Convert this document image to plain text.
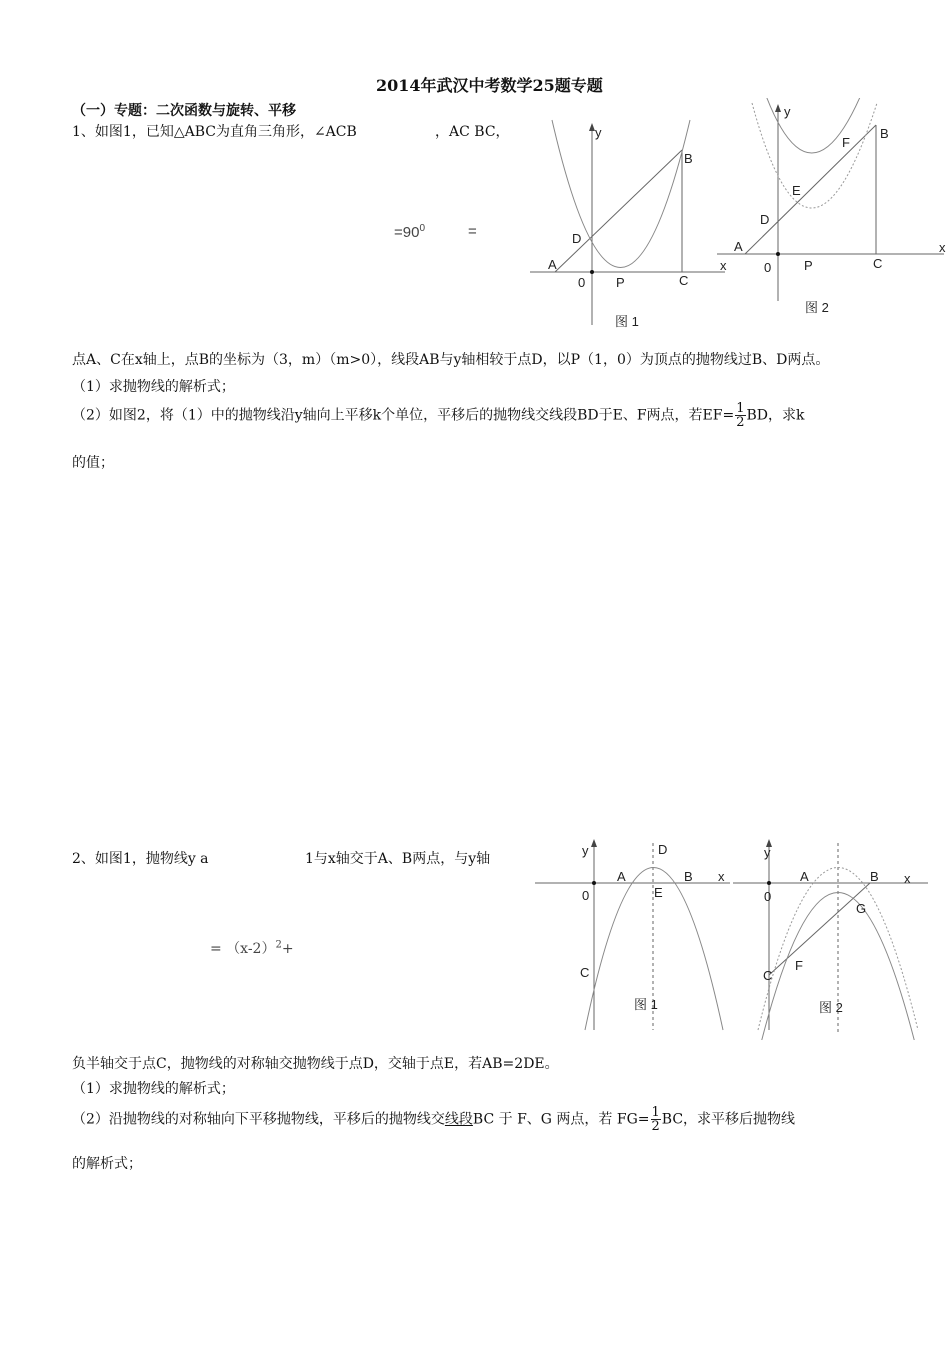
2014年武汉中考数学25题专题
（一）专题：二次函数与旋转、平移
1、如图1，已知△ABC为直角三角形，∠ACB	，AC BC，
$=90^0$	=
x
y
B
D
A
C
0 P
图 1
x
y
B
F
E
D
A
C
0	P
图 2
点A、C在x轴上，点B的坐标为（3，m）（m>0），线段AB与y轴相较于点D，以P（1，0）为顶点的抛物线过B、D两点。
（1）求抛物线的解析式；
（2）如图2，将（1）中的抛物线沿y轴向上平移k个单位，平移后的抛物线交线段BD于E、F两点，若$EF= \frac{1}{2}$ BD，求k
的值；
2、如图1，抛物线y a	1与x轴交于A、B两点，与y轴
= $(x-2)^2+$
x
y	D
A	B
E
0
C
图 1
x
y
A	B
G
F
C
0
图 2
负半轴交于点C，抛物线的对称轴交抛物线于点D，交轴于点E，若AB=2DE。
（1）求抛物线的解析式；
（2）沿抛物线的对称轴向下平移抛物线，平移后的抛物线交线段BC 于 F、G 两点，若 $FG= \frac{1}{2}$ BC，求平移后抛物线
的解析式；
